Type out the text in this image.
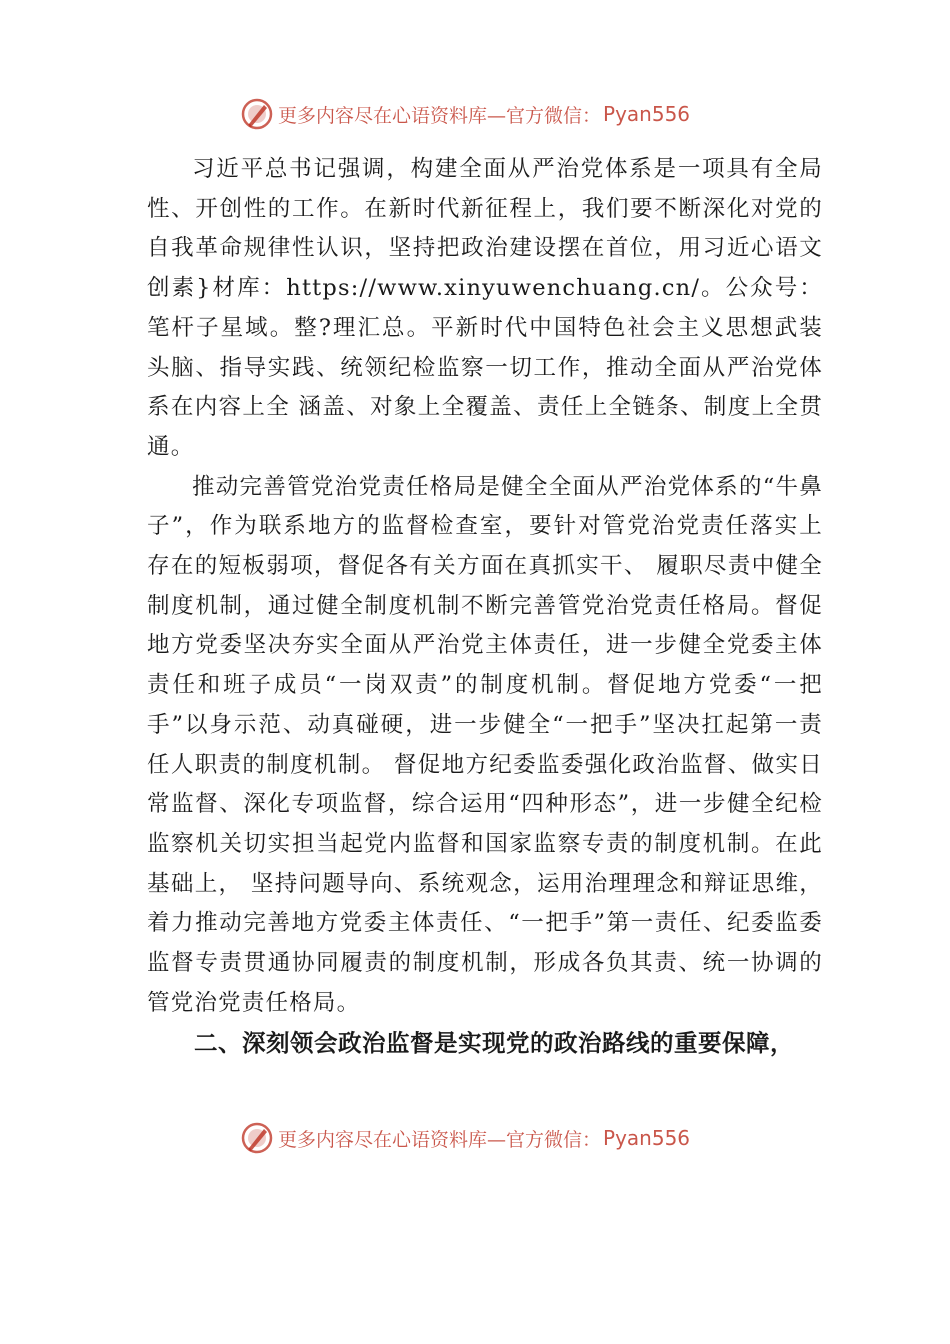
更多内容尽在心语资料库—官方微信： Pyan556

习近平总书记强调，构建全面从严治党体系是一项具有全局性、开创性的工作。在新时代新征程上，我们要不断深化对党的自我革命规律性认识，坚持把政治建设摆在首位，用习近心语文创素}材库：https://www.xinyuwenchuang.cn/。公众号：笔杆子星域。整?理汇总。平新时代中国特色社会主义思想武装头脑、指导实践、统领纪检监察一切工作，推动全面从严治党体系在内容上全 涵盖、对象上全覆盖、责任上全链条、制度上全贯通。

推动完善管党治党责任格局是健全全面从严治党体系的“牛鼻子”，作为联系地方的监督检查室，要针对管党治党责任落实上存在的短板弱项，督促各有关方面在真抓实干、 履职尽责中健全制度机制，通过健全制度机制不断完善管党治党责任格局。督促地方党委坚决夯实全面从严治党主体责任，进一步健全党委主体责任和班子成员“一岗双责”的制度机制。督促地方党委“一把手”以身示范、动真碰硬，进一步健全“一把手”坚决扛起第一责任人职责的制度机制。 督促地方纪委监委强化政治监督、做实日常监督、深化专项监督，综合运用“四种形态”，进一步健全纪检监察机关切实担当起党内监督和国家监察专责的制度机制。在此基础上， 坚持问题导向、系统观念，运用治理理念和辩证思维，着力推动完善地方党委主体责任、“一把手”第一责任、纪委监委监督专责贯通协同履责的制度机制，形成各负其责、统一协调的管党治党责任格局。

二、深刻领会政治监督是实现党的政治路线的重要保障，

更多内容尽在心语资料库—官方微信： Pyan556
